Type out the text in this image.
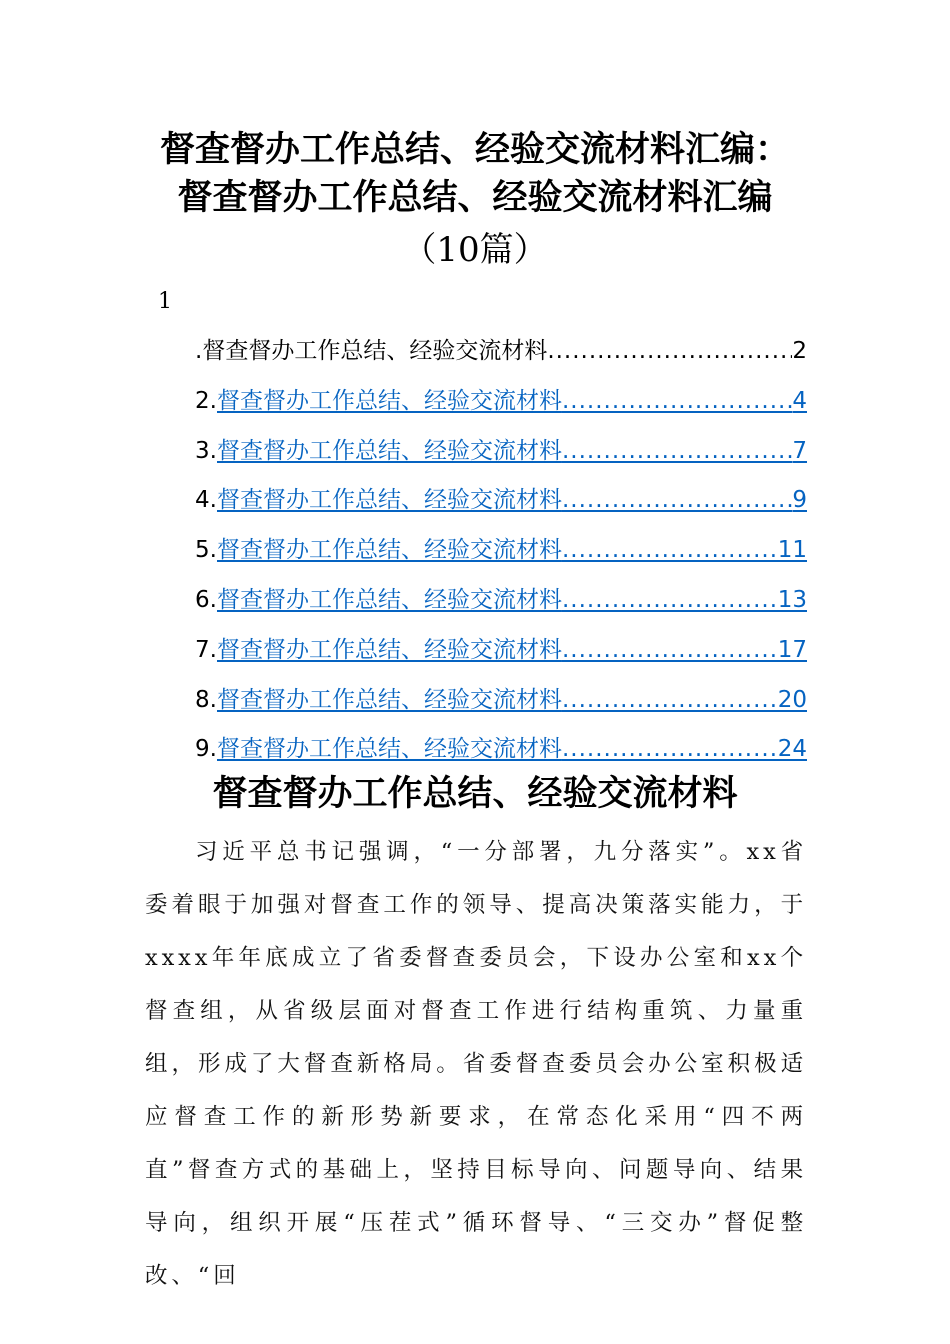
督查督办工作总结、经验交流材料汇编：
督查督办工作总结、经验交流材料汇编
（10篇）
1
. 督查督办工作总结、经验交流材料 .....	2
2. 督查督办工作总结、经验交流材料 .....	4
3. 督查督办工作总结、经验交流材料 .....	7
4. 督查督办工作总结、经验交流材料 .....	9
5. 督查督办工作总结、经验交流材料 .....	11
6. 督查督办工作总结、经验交流材料 .....	13
7. 督查督办工作总结、经验交流材料 .....	17
8. 督查督办工作总结、经验交流材料 .....	20
9. 督查督办工作总结、经验交流材料 .....	24
督查督办工作总结、经验交流材料

习近平总书记强调，“一分部署，九分落实”。xx省委着眼于加强对督查工作的领导、提高决策落实能力，于xxxx年年底成立了省委督查委员会，下设办公室和xx个督查组，从省级层面对督查工作进行结构重筑、力量重组，形成了大督查新格局。省委督查委员会办公室积极适应督查工作的新形势新要求，在常态化采用“四不两直”督查方式的基础上，坚持目标导向、问题导向、结果导向，组织开展“压茬式”循环督导、“三交办”督促整改、“回
